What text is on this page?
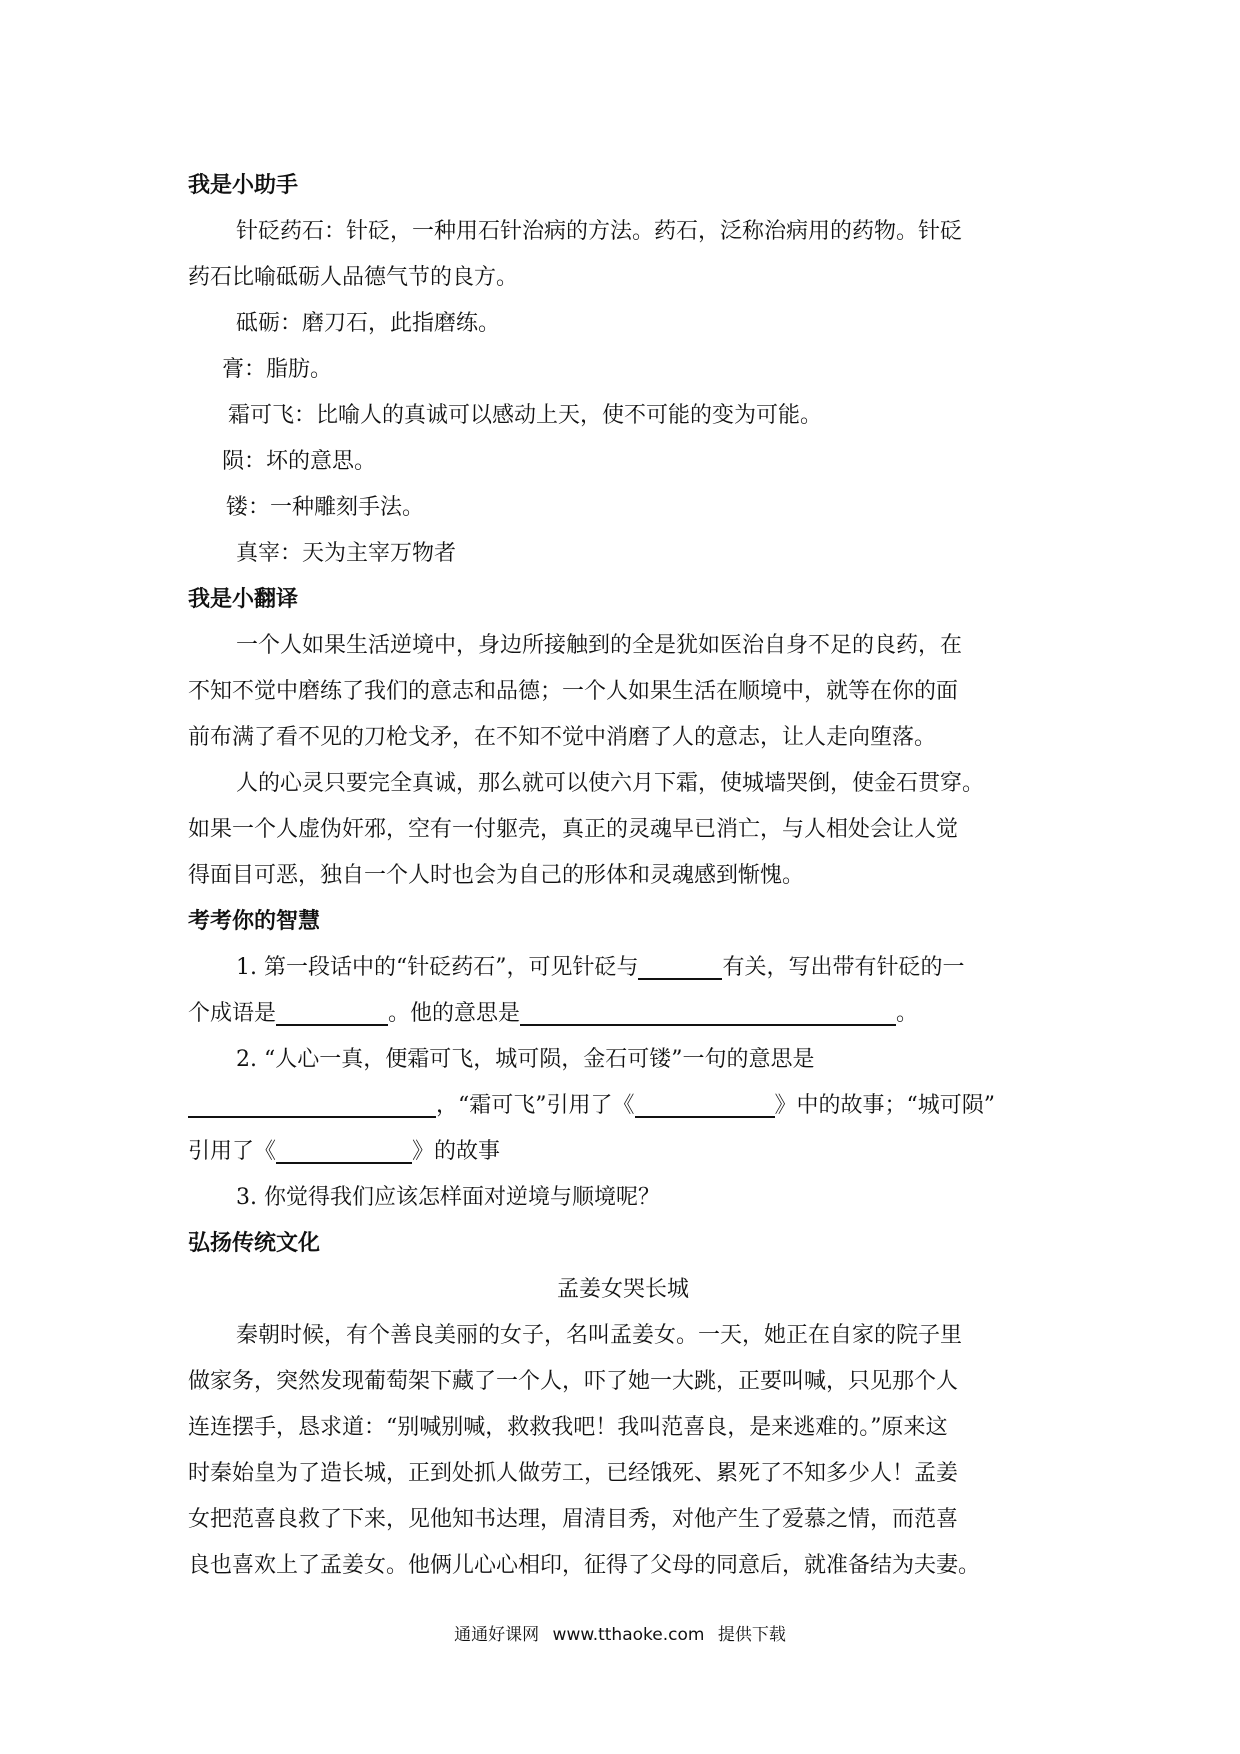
我是小助手
针砭药石：针砭，一种用石针治病的方法。药石，泛称治病用的药物。针砭
药石比喻砥砺人品德气节的良方。
砥砺：磨刀石，此指磨练。
膏：脂肪。
霜可飞：比喻人的真诚可以感动上天，使不可能的变为可能。
陨：坏的意思。
镂：一种雕刻手法。
真宰：天为主宰万物者
我是小翻译
一个人如果生活逆境中，身边所接触到的全是犹如医治自身不足的良药，在
不知不觉中磨练了我们的意志和品德；一个人如果生活在顺境中，就等在你的面
前布满了看不见的刀枪戈矛，在不知不觉中消磨了人的意志，让人走向堕落。
人的心灵只要完全真诚，那么就可以使六月下霜，使城墙哭倒，使金石贯穿。
如果一个人虚伪奸邪，空有一付躯壳，真正的灵魂早已消亡，与人相处会让人觉
得面目可恶，独自一个人时也会为自己的形体和灵魂感到惭愧。
考考你的智慧
1. 第一段话中的“针砭药石”，可见针砭与	有关，写出带有针砭的一
个成语是	。他的意思是	。
2. “人心一真，便霜可飞，城可陨，金石可镂”一句的意思是
，“霜可飞”引用了《	》中的故事；“城可陨”
引用了《	》的故事
3. 你觉得我们应该怎样面对逆境与顺境呢？
弘扬传统文化
孟姜女哭长城
秦朝时候，有个善良美丽的女子，名叫孟姜女。一天，她正在自家的院子里
做家务，突然发现葡萄架下藏了一个人，吓了她一大跳，正要叫喊，只见那个人
连连摆手，恳求道：“别喊别喊，救救我吧！我叫范喜良，是来逃难的。”原来这
时秦始皇为了造长城，正到处抓人做劳工，已经饿死、累死了不知多少人！孟姜
女把范喜良救了下来，见他知书达理，眉清目秀，对他产生了爱慕之情，而范喜
良也喜欢上了孟姜女。他俩儿心心相印，征得了父母的同意后，就准备结为夫妻。
通通好课网 www.tthaoke.com 提供下载
